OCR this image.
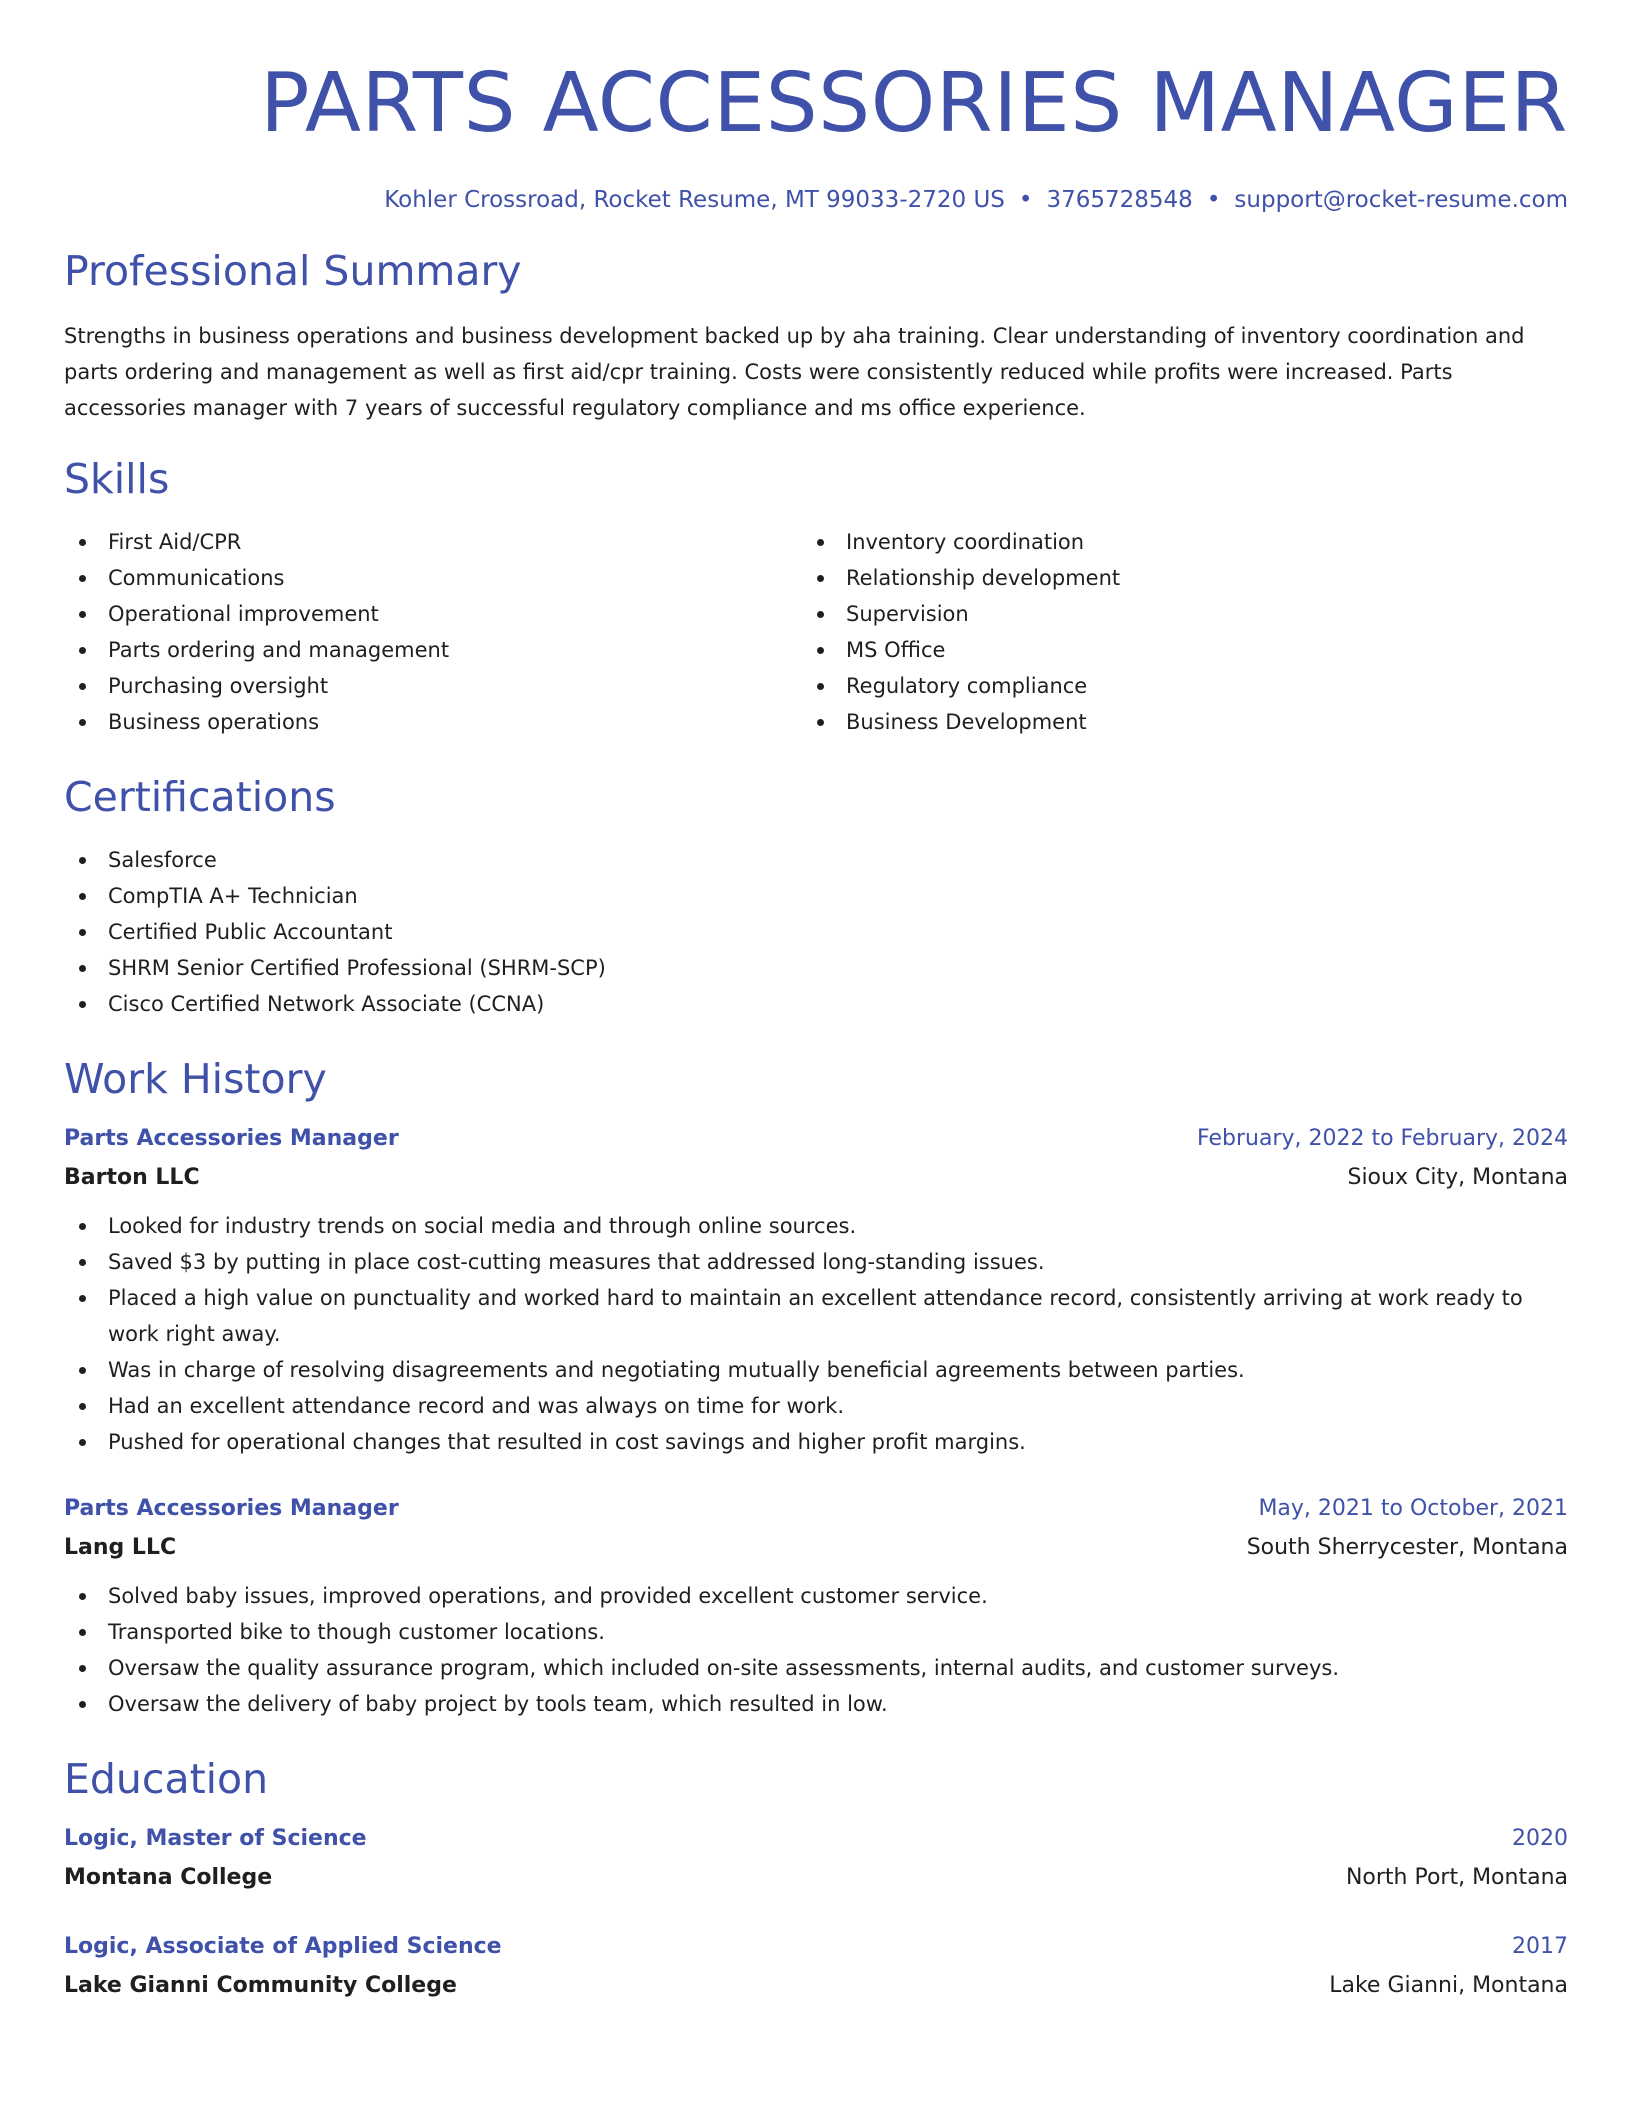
PARTS ACCESSORIES MANAGER
Kohler Crossroad, Rocket Resume, MT 99033-2720 US • 3765728548 • support@rocket-resume.com
Professional Summary

Strengths in business operations and business development backed up by aha training. Clear understanding of inventory coordination and parts ordering and management as well as first aid/cpr training. Costs were consistently reduced while profits were increased. Parts accessories manager with 7 years of successful regulatory compliance and ms office experience.

Skills
First Aid/CPR
Communications
Operational improvement
Parts ordering and management
Purchasing oversight
Business operations
Inventory coordination
Relationship development
Supervision
MS Office
Regulatory compliance
Business Development
Certifications
Salesforce
CompTIA A+ Technician
Certified Public Accountant
SHRM Senior Certified Professional (SHRM-SCP)
Cisco Certified Network Associate (CCNA)
Work History
Parts Accessories Manager	February, 2022 to February, 2024
Barton LLC	Sioux City, Montana
Looked for industry trends on social media and through online sources.
Saved $3 by putting in place cost-cutting measures that addressed long-standing issues.
Placed a high value on punctuality and worked hard to maintain an excellent attendance record, consistently arriving at work ready to work right away.
Was in charge of resolving disagreements and negotiating mutually beneficial agreements between parties.
Had an excellent attendance record and was always on time for work.
Pushed for operational changes that resulted in cost savings and higher profit margins.
Parts Accessories Manager	May, 2021 to October, 2021
Lang LLC	South Sherrycester, Montana
Solved baby issues, improved operations, and provided excellent customer service.
Transported bike to though customer locations.
Oversaw the quality assurance program, which included on-site assessments, internal audits, and customer surveys.
Oversaw the delivery of baby project by tools team, which resulted in low.
Education
Logic, Master of Science	2020
Montana College	North Port, Montana
Logic, Associate of Applied Science	2017
Lake Gianni Community College	Lake Gianni, Montana
